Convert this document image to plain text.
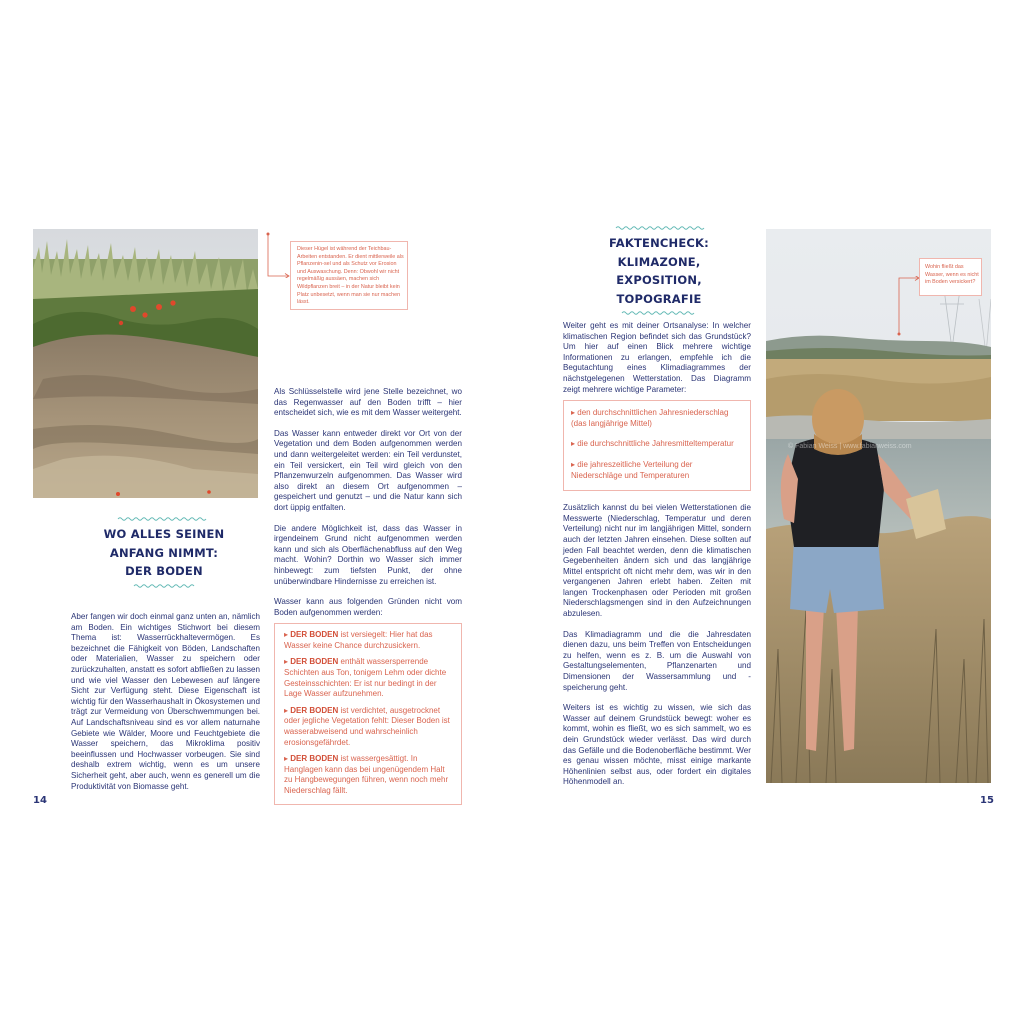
Dieser Hügel ist während der Teichbau-Arbeiten entstanden. Er dient mittlerweile als Pflanzenin-sel und als Schutz vor Erosion und Auswaschung. Denn: Obwohl wir nicht regelmäßig aussäen, machen sich Wildpflanzen breit – in der Natur bleibt kein Platz unbesetzt, wenn man sie nur machen lässt.
WO ALLES SEINEN
ANFANG NIMMT:
DER BODEN
Aber fangen wir doch einmal ganz unten an, nämlich am Boden. Ein wichtiges Stichwort bei diesem Thema ist: Wasserrückhaltevermögen. Es bezeichnet die Fähigkeit von Böden, Landschaften oder Materialien, Wasser zu speichern oder zurückzuhalten, anstatt es sofort abfließen zu lassen und wie viel Wasser den Lebewesen auf längere Sicht zur Verfügung steht. Diese Eigenschaft ist wichtig für den Wasserhaushalt in Ökosystemen und trägt zur Vermeidung von Überschwemmungen bei. Auf Landschaftsniveau sind es vor allem naturnahe Gebiete wie Wälder, Moore und Feuchtgebiete die Wasser speichern, das Mikroklima positiv beeinflussen und Hochwasser vorbeugen. Sie sind deshalb extrem wichtig, wenn es um unsere Sicherheit geht, aber auch, wenn es generell um die Produktivität von Biomasse geht.

Als Schlüsselstelle wird jene Stelle bezeichnet, wo das Regenwasser auf den Boden trifft – hier entscheidet sich, wie es mit dem Wasser weitergeht.

Das Wasser kann entweder direkt vor Ort von der Vegetation und dem Boden aufgenommen werden und dann weitergeleitet werden: ein Teil verdunstet, ein Teil versickert, ein Teil wird gleich von den Pflanzenwurzeln aufgenommen. Das Wasser wird also direkt an diesem Ort aufgenommen – gespeichert und genutzt – und die Natur kann sich dort üppig entfalten.

Die andere Möglichkeit ist, dass das Wasser in irgendeinem Grund nicht aufgenommen werden kann und sich als Oberflächenabfluss auf den Weg macht. Wohin? Dorthin wo Wasser sich immer hinbewegt: zum tiefsten Punkt, der ohne unüberwindbare Hindernisse zu erreichen ist.

Wasser kann aus folgenden Gründen nicht vom Boden aufgenommen werden:

▸ DER BODEN ist versiegelt: Hier hat das Wasser keine Chance durchzusickern.
▸ DER BODEN enthält wassersperrende Schichten aus Ton, tonigem Lehm oder dichte Gesteinsschichten: Er ist nur bedingt in der Lage Wasser aufzunehmen.
▸ DER BODEN ist verdichtet, ausgetrocknet oder jegliche Vegetation fehlt: Dieser Boden ist wasserabweisend und wahrscheinlich erosionsgefährdet.
▸ DER BODEN ist wassergesättigt. In Hanglagen kann das bei ungenügendem Halt zu Hangbewegungen führen, wenn noch mehr Niederschlag fällt.
14
FAKTENCHECK:
KLIMAZONE, EXPOSITION,
TOPOGRAFIE

Weiter geht es mit deiner Ortsanalyse: In welcher klimatischen Region befindet sich das Grundstück? Um hier auf einen Blick mehrere wichtige Informationen zu erlangen, empfehle ich die Begutachtung eines Klimadiagrammes der nächstgelegenen Wetterstation. Das Diagramm zeigt mehrere wichtige Parameter:

▸ den durchschnittlichen Jahresniederschlag (das langjährige Mittel)
▸ die durchschnittliche Jahresmitteltemperatur
▸ die jahreszeitliche Verteilung der Niederschläge und Temperaturen

Zusätzlich kannst du bei vielen Wetterstationen die Messwerte (Niederschlag, Temperatur und deren Verteilung) nicht nur im langjährigen Mittel, sondern auch der letzten Jahren einsehen. Diese sollten auf jeden Fall beachtet werden, denn die klimatischen Gegebenheiten ändern sich und das langjährige Mittel entspricht oft nicht mehr dem, was wir in den vergangenen Jahren erlebt haben. Zeiten mit langen Trockenphasen oder Perioden mit großen Niederschlagsmengen sind in den Aufzeichnungen abzulesen.

Das Klimadiagramm und die die Jahresdaten dienen dazu, uns beim Treffen von Entscheidungen zu helfen, wenn es z. B. um die Auswahl von Gestaltungselementen, Pflanzenarten und Dimensionen der Wassersammlung und -speicherung geht.

Weiters ist es wichtig zu wissen, wie sich das Wasser auf deinem Grundstück bewegt: woher es kommt, wohin es fließt, wo es sich sammelt, wo es dein Grundstück wieder verlässt. Das wird durch das Gefälle und die Bodenoberfläche bestimmt. Wer es genau wissen möchte, misst einige markante Höhenlinien selbst aus, oder fordert ein digitales Höhenmodell an.

© Fabian Weiss | www.fabianweiss.com
Wohin fließt das Wasser, wenn es nicht im Boden versickert?
15
